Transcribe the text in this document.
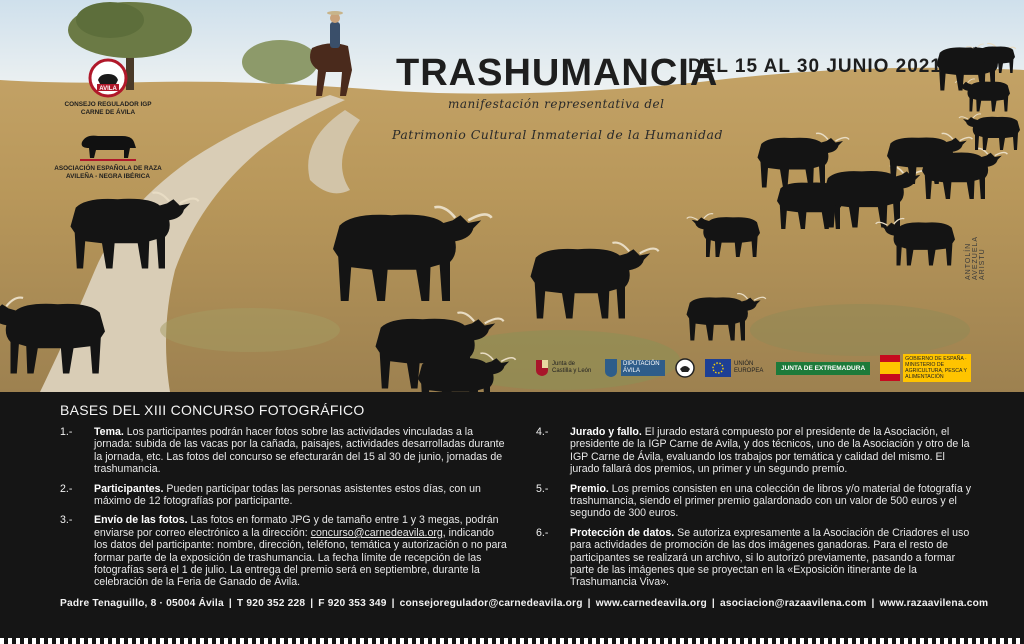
TRASHUMANCIA
DEL 15 AL 30 JUNIO 2021
manifestación representativa del
Patrimonio Cultural Inmaterial de la Humanidad
AVILA
CONSEJO REGULADOR IGP CARNE DE ÁVILA
ASOCIACIÓN ESPAÑOLA DE RAZA AVILEÑA - NEGRA IBÉRICA
ANTOLÍN AVEZUELA ARISTU
Junta de Castilla y León
DIPUTACIÓN ÁVILA
UNIÓN EUROPEA	JUNTA DE EXTREMADURA
GOBIERNO DE ESPAÑA · MINISTERIO DE AGRICULTURA, PESCA Y ALIMENTACIÓN
BASES DEL XIII CONCURSO FOTOGRÁFICO
1.-	Tema. Los participantes podrán hacer fotos sobre las actividades vinculadas a la jornada: subida de las vacas por la cañada, paisajes, actividades desarrolladas durante la jornada, etc. Las fotos del concurso se efecturarán del 15 al 30 de junio, jornadas de trashumancia.
2.-	Participantes. Pueden participar todas las personas asistentes estos días, con un máximo de 12 fotografías por participante.
3.-	Envío de las fotos. Las fotos en formato JPG y de tamaño entre 1 y 3 megas, podrán enviarse por correo electrónico a la dirección: concurso@carnedeavila.org, indicando los datos del participante: nombre, dirección, teléfono, temática y autorización o no para formar parte de la exposición de trashumancia. La fecha límite de recepción de las fotografías será el 1 de julio. La entrega del premio será en septiembre, durante la celebración de la Feria de Ganado de Ávila.
4.-	Jurado y fallo. El jurado estará compuesto por el presidente de la Asociación, el presidente de la IGP Carne de Avila, y dos técnicos, uno de la Asociación y otro de la IGP Carne de Ávila, evaluando los trabajos por temática y calidad del mismo. El jurado fallará dos premios, un primer y un segundo premio.
5.-	Premio. Los premios consisten en una colección de libros y/o material de fotografía y trashumancia, siendo el primer premio galardonado con un valor de 500 euros y el segundo de 300 euros.
6.-	Protección de datos. Se autoriza expresamente a la Asociación de Criadores el uso para actividades de promoción de las dos imágenes ganadoras. Para el resto de participantes se realizará un archivo, si lo autorizó previamente, pasando a formar parte de las imágenes que se proyectan en la «Exposición itinerante de la Trashumancia Viva».
Padre Tenaguillo, 8 · 05004 Ávila | T 920 352 228 | F 920 353 349 | consejoregulador@carnedeavila.org | www.carnedeavila.org | asociacion@razaavilena.com | www.razaavilena.com
